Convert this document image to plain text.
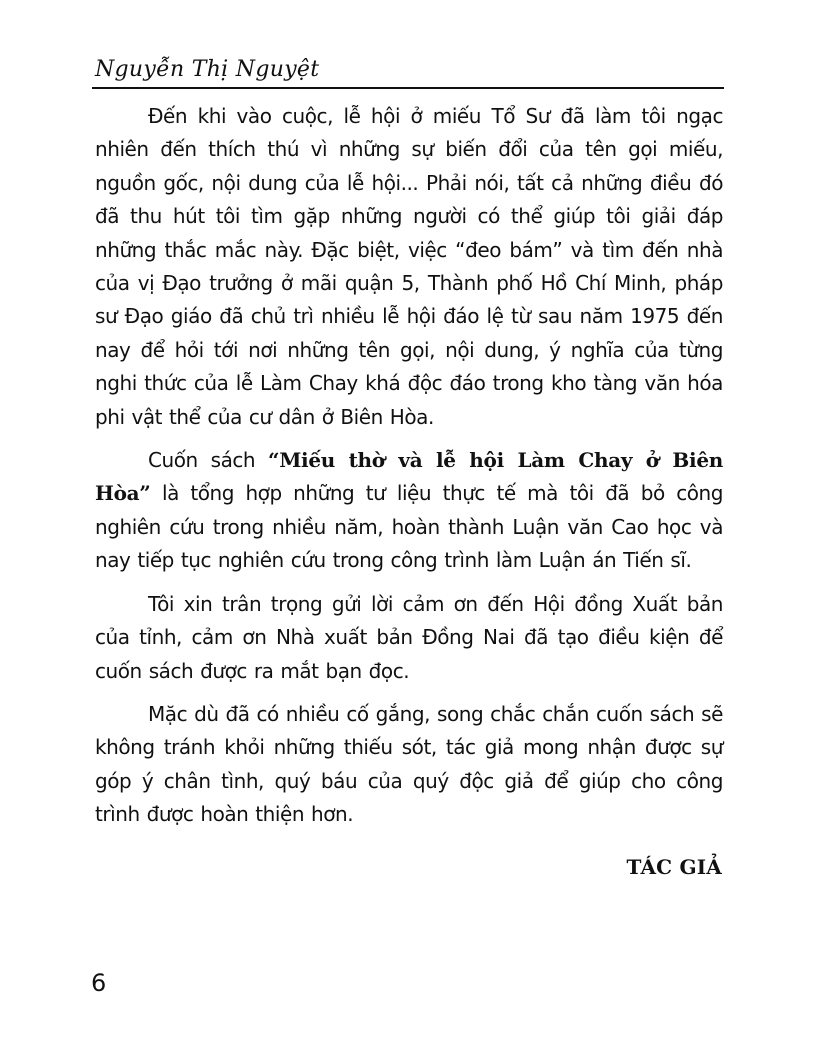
Nguyễn Thị Nguyệt

Đến khi vào cuộc, lễ hội ở miếu Tổ Sư đã làm tôi ngạc nhiên đến thích thú vì những sự biến đổi của tên gọi miếu, nguồn gốc, nội dung của lễ hội... Phải nói, tất cả những điều đó đã thu hút tôi tìm gặp những người có thể giúp tôi giải đáp những thắc mắc này. Đặc biệt, việc “đeo bám” và tìm đến nhà của vị Đạo trưởng ở mãi quận 5, Thành phố Hồ Chí Minh, pháp sư Đạo giáo đã chủ trì nhiều lễ hội đáo lệ từ sau năm 1975 đến nay để hỏi tới nơi những tên gọi, nội dung, ý nghĩa của từng nghi thức của lễ Làm Chay khá độc đáo trong kho tàng văn hóa phi vật thể của cư dân ở Biên Hòa.

Cuốn sách “Miếu thờ và lễ hội Làm Chay ở Biên Hòa” là tổng hợp những tư liệu thực tế mà tôi đã bỏ công nghiên cứu trong nhiều năm, hoàn thành Luận văn Cao học và nay tiếp tục nghiên cứu trong công trình làm Luận án Tiến sĩ.

Tôi xin trân trọng gửi lời cảm ơn đến Hội đồng Xuất bản của tỉnh, cảm ơn Nhà xuất bản Đồng Nai đã tạo điều kiện để cuốn sách được ra mắt bạn đọc.

Mặc dù đã có nhiều cố gắng, song chắc chắn cuốn sách sẽ không tránh khỏi những thiếu sót, tác giả mong nhận được sự góp ý chân tình, quý báu của quý độc giả để giúp cho công trình được hoàn thiện hơn.

TÁC GIẢ
6
